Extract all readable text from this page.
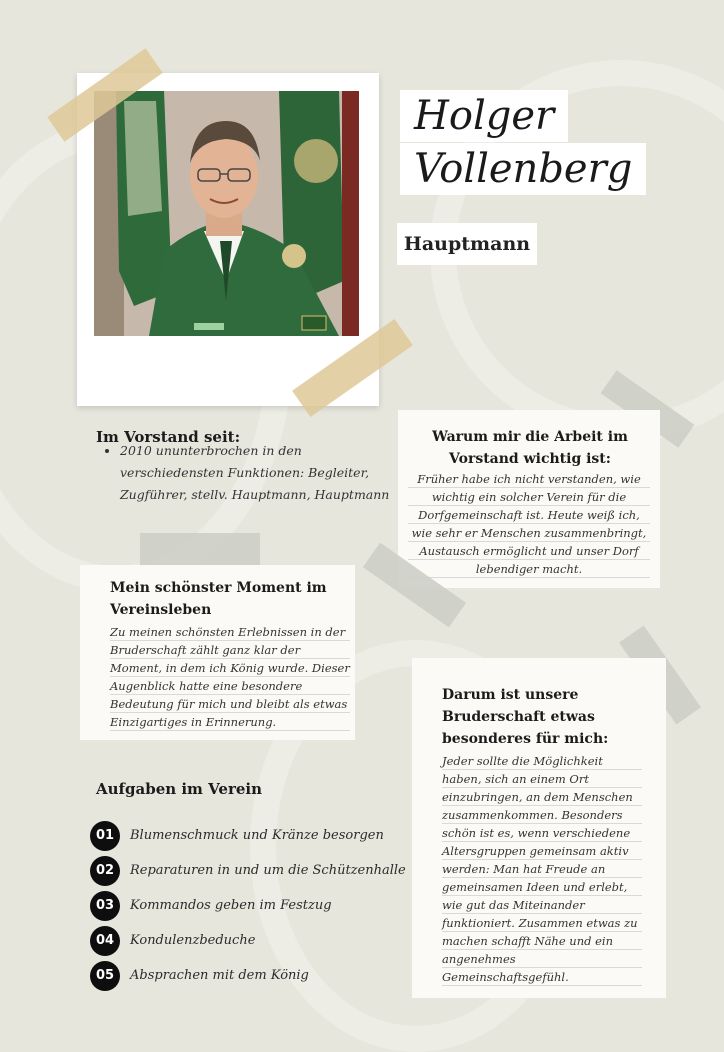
Holger
Vollenberg
Hauptmann
Im Vorstand seit:
• 2010 ununterbrochen in den verschiedensten Funktionen: Begleiter, Zugführer, stellv. Hauptmann, Hauptmann
Warum mir die Arbeit im Vorstand wichtig ist:
Früher habe ich nicht verstanden, wie wichtig ein solcher Verein für die Dorfgemeinschaft ist. Heute weiß ich, wie sehr er Menschen zusammenbringt, Austausch ermöglicht und unser Dorf lebendiger macht.
Mein schönster Moment im Vereinsleben
Zu meinen schönsten Erlebnissen in der Bruderschaft zählt ganz klar der Moment, in dem ich König wurde. Dieser Augenblick hatte eine besondere Bedeutung für mich und bleibt als etwas Einzigartiges in Erinnerung.
Darum ist unsere Bruderschaft etwas besonderes für mich:
Jeder sollte die Möglichkeit haben, sich an einem Ort einzubringen, an dem Menschen zusammenkommen. Besonders schön ist es, wenn verschiedene Altersgruppen gemeinsam aktiv werden: Man hat Freude an gemeinsamen Ideen und erlebt, wie gut das Miteinander funktioniert. Zusammen etwas zu machen schafft Nähe und ein angenehmes Gemeinschaftsgefühl.
Aufgaben im Verein
01	Blumenschmuck und Kränze besorgen
02	Reparaturen in und um die Schützenhalle
03	Kommandos geben im Festzug
04	Kondulenzbeduche
05	Absprachen mit dem König
